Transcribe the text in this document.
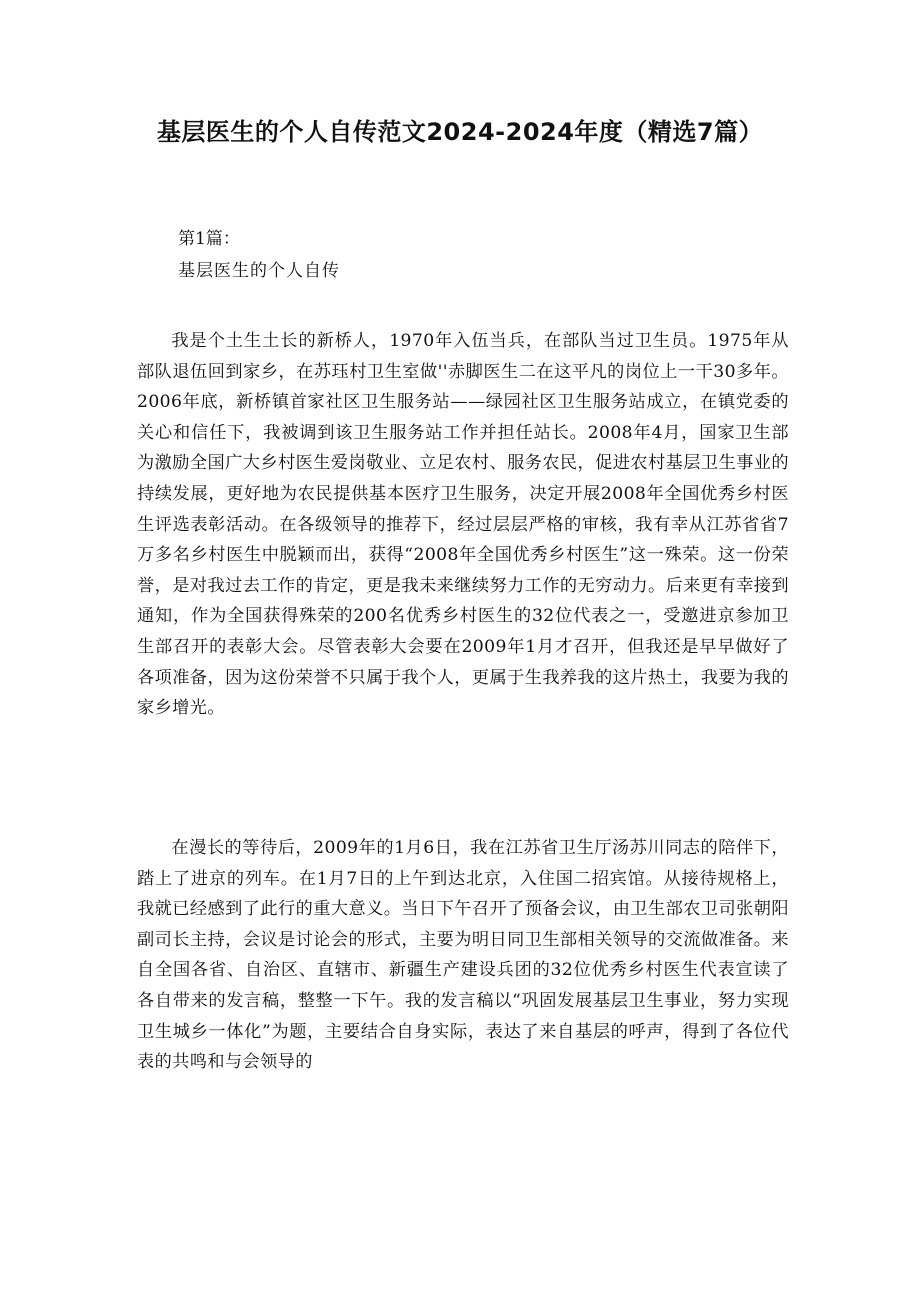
基层医生的个人自传范文2024-2024年度（精选7篇）

第1篇：

基层医生的个人自传

我是个土生土长的新桥人，1970年入伍当兵，在部队当过卫生员。1975年从部队退伍回到家乡，在苏珏村卫生室做''赤脚医生二在这平凡的岗位上一干30多年。2006年底，新桥镇首家社区卫生服务站——绿园社区卫生服务站成立，在镇党委的关心和信任下，我被调到该卫生服务站工作并担任站长。2008年4月，国家卫生部为激励全国广大乡村医生爱岗敬业、立足农村、服务农民，促进农村基层卫生事业的持续发展，更好地为农民提供基本医疗卫生服务，决定开展2008年全国优秀乡村医生评选表彰活动。在各级领导的推荐下，经过层层严格的审核，我有幸从江苏省省7万多名乡村医生中脱颖而出，获得“2008年全国优秀乡村医生”这一殊荣。这一份荣誉，是对我过去工作的肯定，更是我未来继续努力工作的无穷动力。后来更有幸接到通知，作为全国获得殊荣的200名优秀乡村医生的32位代表之一，受邀进京参加卫生部召开的表彰大会。尽管表彰大会要在2009年1月才召开，但我还是早早做好了各项准备，因为这份荣誉不只属于我个人，更属于生我养我的这片热土，我要为我的家乡增光。

在漫长的等待后，2009年的1月6日，我在江苏省卫生厅汤苏川同志的陪伴下，踏上了进京的列车。在1月7日的上午到达北京，入住国二招宾馆。从接待规格上，我就已经感到了此行的重大意义。当日下午召开了预备会议，由卫生部农卫司张朝阳副司长主持，会议是讨论会的形式，主要为明日同卫生部相关领导的交流做准备。来自全国各省、自治区、直辖市、新疆生产建设兵团的32位优秀乡村医生代表宣读了各自带来的发言稿，整整一下午。我的发言稿以“巩固发展基层卫生事业，努力实现卫生城乡一体化”为题，主要结合自身实际，表达了来自基层的呼声，得到了各位代表的共鸣和与会领导的
